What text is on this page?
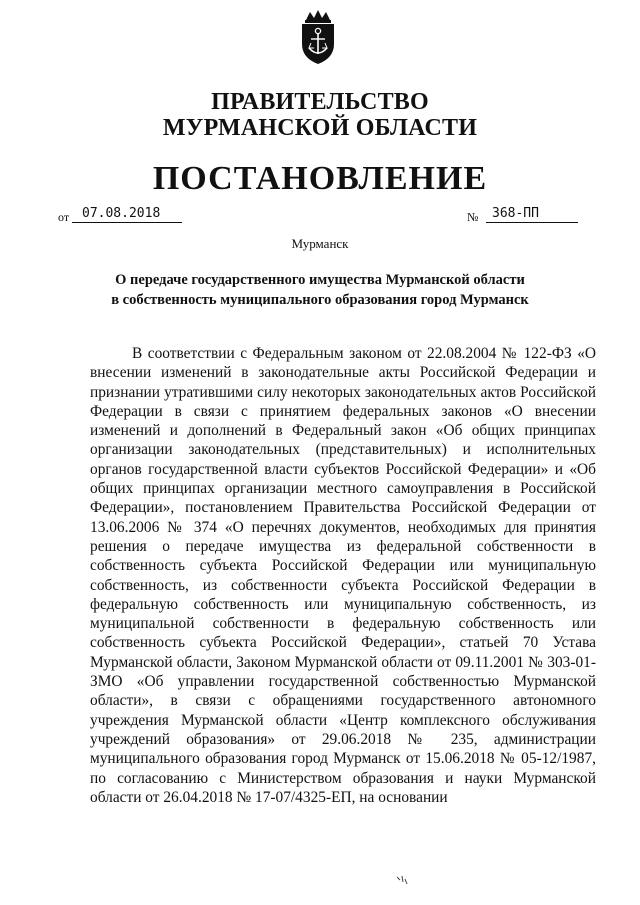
ПРАВИТЕЛЬСТВО
МУРМАНСКОЙ ОБЛАСТИ
ПОСТАНОВЛЕНИЕ
от 07.08.2018	№	368-ПП
Мурманск
О передаче государственного имущества Мурманской области
в собственность муниципального образования город Мурманск

В соответствии с Федеральным законом от 22.08.2004 № 122-ФЗ «О внесении изменений в законодательные акты Российской Федерации и признании утратившими силу некоторых законодательных актов Российской Федерации в связи с принятием федеральных законов «О внесении изменений и дополнений в Федеральный закон «Об общих принципах организации законодательных (представительных) и исполнительных органов государственной власти субъектов Российской Федерации» и «Об общих принципах организации местного самоуправления в Российской Федерации», постановлением Правительства Российской Федерации от 13.06.2006 № 374 «О перечнях документов, необходимых для принятия решения о передаче имущества из федеральной собственности в собственность субъекта Российской Федерации или муниципальную собственность, из собственности субъекта Российской Федерации в федеральную собственность или муниципальную собственность, из муниципальной собственности в федеральную собственность или собственность субъекта Российской Федерации», статьей 70 Устава Мурманской области, Законом Мурманской области от 09.11.2001 № 303-01-ЗМО «Об управлении государственной собственностью Мурманской области», в связи с обращениями государственного автономного учреждения Мурманской области «Центр комплексного обслуживания учреждений образования» от 29.06.2018 № 235, администрации муниципального образования город Мурманск от 15.06.2018 № 05-12/1987, по согласованию с Министерством образования и науки Мурманской области от 26.04.2018 № 17-07/4325-ЕП, на основании
